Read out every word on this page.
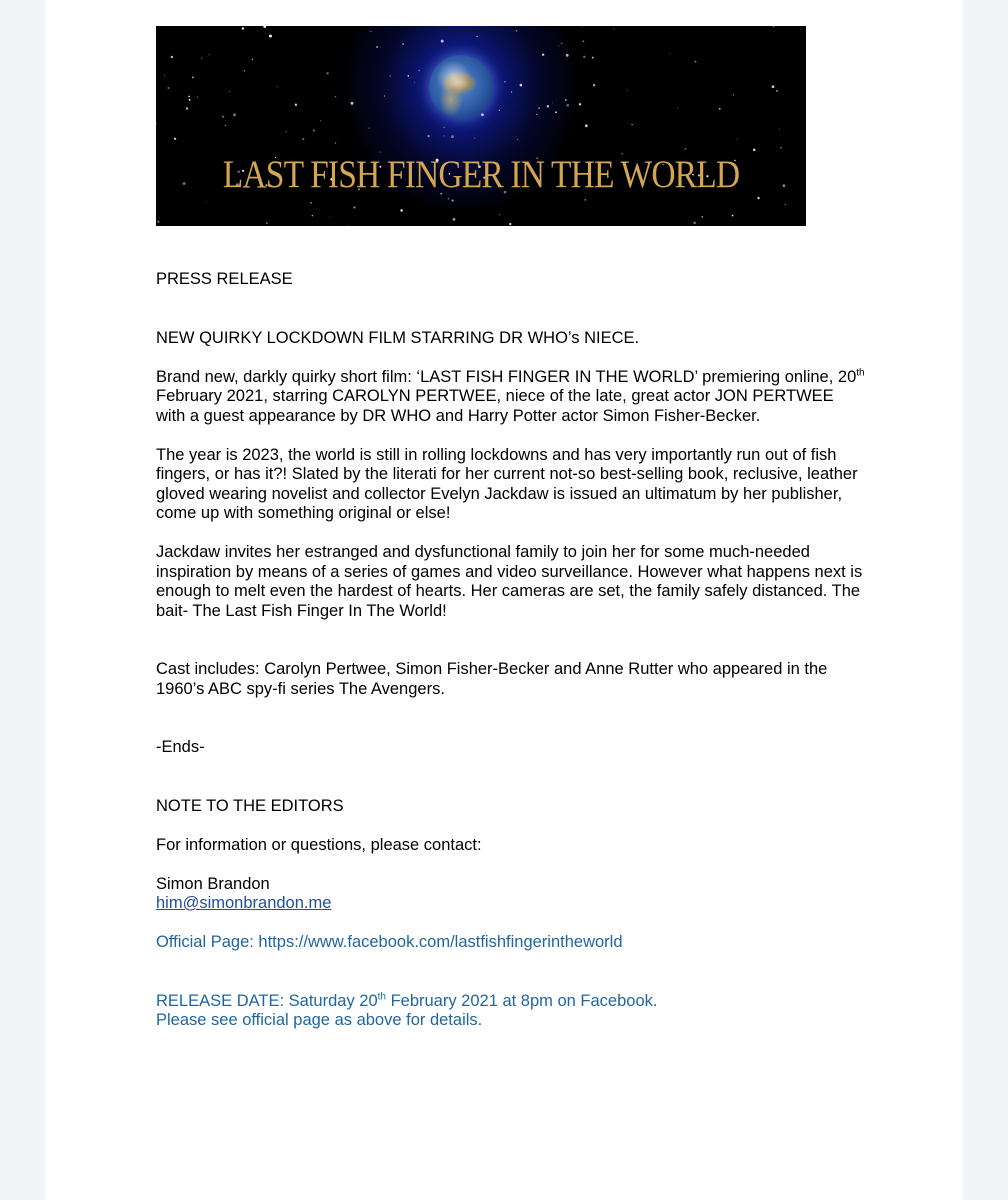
LAST FISH FINGER IN THE WORLD

PRESS RELEASE

NEW QUIRKY LOCKDOWN FILM STARRING DR WHO’s NIECE.

Brand new, darkly quirky short film: ‘LAST FISH FINGER IN THE WORLD’ premiering online, 20th February 2021, starring CAROLYN PERTWEE, niece of the late, great actor JON PERTWEE with a guest appearance by DR WHO and Harry Potter actor Simon Fisher-Becker.

The year is 2023, the world is still in rolling lockdowns and has very importantly run out of fish fingers, or has it?! Slated by the literati for her current not-so best-selling book, reclusive, leather gloved wearing novelist and collector Evelyn Jackdaw is issued an ultimatum by her publisher, come up with something original or else!

Jackdaw invites her estranged and dysfunctional family to join her for some much-needed inspiration by means of a series of games and video surveillance. However what happens next is enough to melt even the hardest of hearts. Her cameras are set, the family safely distanced. The bait- The Last Fish Finger In The World!

Cast includes: Carolyn Pertwee, Simon Fisher-Becker and Anne Rutter who appeared in the 1960’s ABC spy-fi series The Avengers.

-Ends-

NOTE TO THE EDITORS

For information or questions, please contact:

Simon Brandon

him@simonbrandon.me

Official Page: https://www.facebook.com/lastfishfingerintheworld

RELEASE DATE: Saturday 20th February 2021 at 8pm on Facebook.

Please see official page as above for details.
